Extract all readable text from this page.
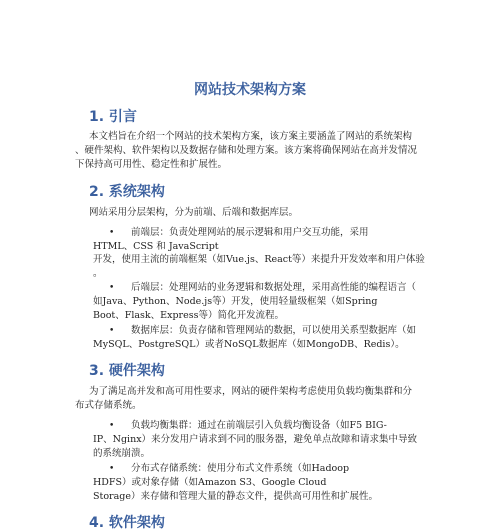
网站技术架构方案
1. 引言
本文档旨在介绍一个网站的技术架构方案，该方案主要涵盖了网站的系统架构
、硬件架构、软件架构以及数据存储和处理方案。该方案将确保网站在高并发情况
下保持高可用性、稳定性和扩展性。
2. 系统架构
网站采用分层架构，分为前端、后端和数据库层。
• 前端层：负责处理网站的展示逻辑和用户交互功能，采用
HTML、CSS 和 JavaScript
开发，使用主流的前端框架（如Vue.js、React等）来提升开发效率和用户体验
。
• 后端层：处理网站的业务逻辑和数据处理，采用高性能的编程语言（
如Java、Python、Node.js等）开发，使用轻量级框架（如Spring
Boot、Flask、Express等）简化开发流程。
• 数据库层：负责存储和管理网站的数据，可以使用关系型数据库（如
MySQL、PostgreSQL）或者NoSQL数据库（如MongoDB、Redis）。
3. 硬件架构
为了满足高并发和高可用性要求，网站的硬件架构考虑使用负载均衡集群和分
布式存储系统。
• 负载均衡集群：通过在前端层引入负载均衡设备（如F5 BIG-
IP、Nginx）来分发用户请求到不同的服务器，避免单点故障和请求集中导致
的系统崩溃。
• 分布式存储系统：使用分布式文件系统（如Hadoop
HDFS）或对象存储（如Amazon S3、Google Cloud
Storage）来存储和管理大量的静态文件，提供高可用性和扩展性。
4. 软件架构
